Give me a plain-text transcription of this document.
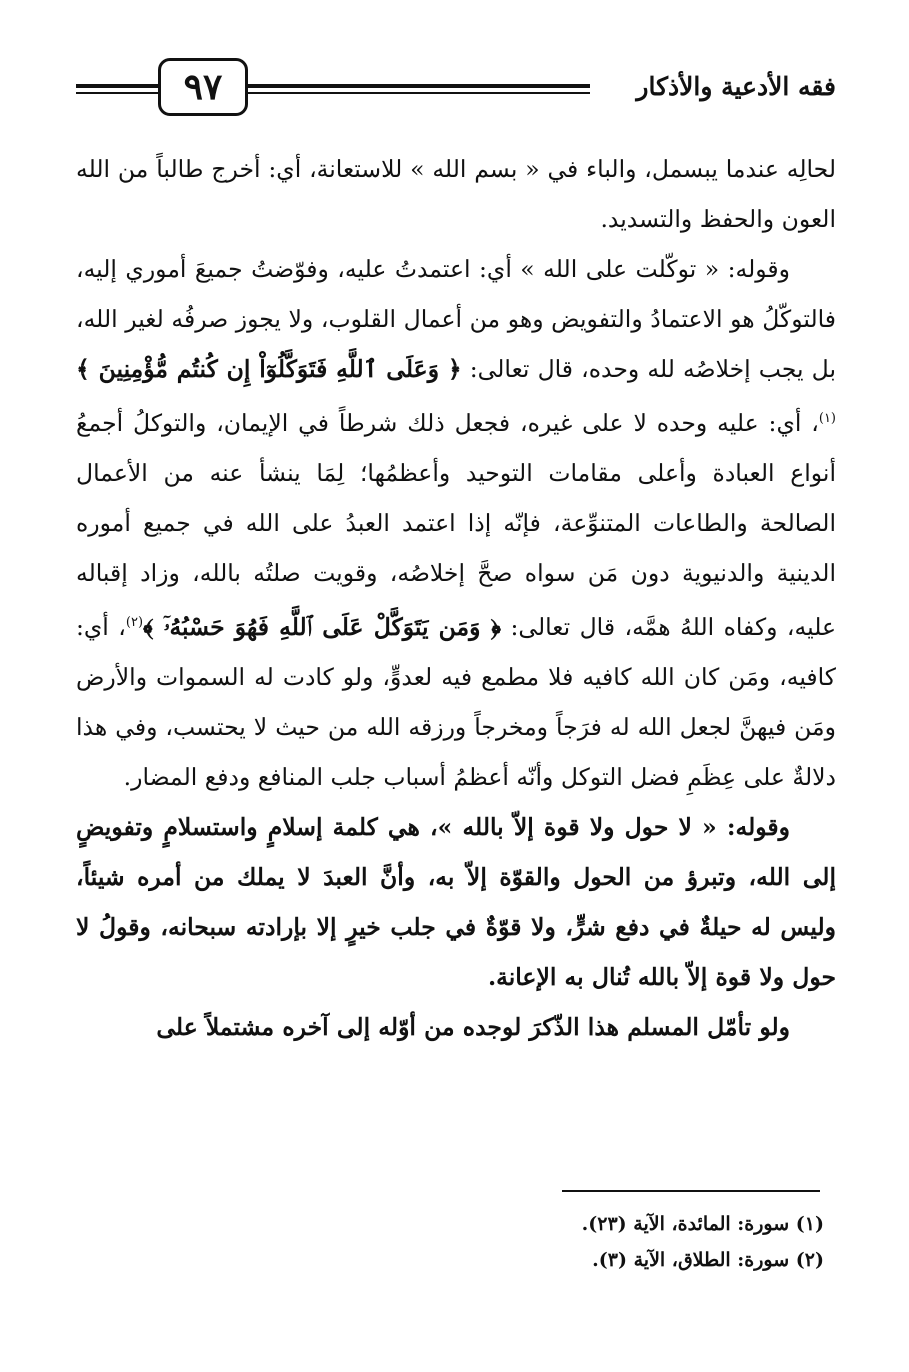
٩٧	فقه الأدعية والأذكار

لحالِه عندما يبسمل، والباء في « بسم الله » للاستعانة، أي: أخرج طالباً من الله العون والحفظ والتسديد.

وقوله: « توكّلت على الله » أي: اعتمدتُ عليه، وفوّضتُ جميعَ أموري إليه، فالتوكّلُ هو الاعتمادُ والتفويض وهو من أعمال القلوب، ولا يجوز صرفُه لغير الله، بل يجب إخلاصُه لله وحده، قال تعالى: ﴿ وَعَلَى ٱللَّهِ فَتَوَكَّلُوٓاْ إِن كُنتُم مُّؤْمِنِينَ ﴾$^{(١)}$، أي: عليه وحده لا على غيره، فجعل ذلك شرطاً في الإيمان، والتوكلُ أجمعُ أنواع العبادة وأعلى مقامات التوحيد وأعظمُها؛ لِمَا ينشأ عنه من الأعمال الصالحة والطاعات المتنوِّعة، فإنّه إذا اعتمد العبدُ على الله في جميع أموره الدينية والدنيوية دون مَن سواه صحَّ إخلاصُه، وقويت صلتُه بالله، وزاد إقباله عليه، وكفاه اللهُ همَّه، قال تعالى: ﴿ وَمَن يَتَوَكَّلْ عَلَى ٱللَّهِ فَهُوَ حَسْبُهُۥٓ ﴾$^{(٢)}$، أي: كافيه، ومَن كان الله كافيه فلا مطمع فيه لعدوٍّ، ولو كادت له السموات والأرض ومَن فيهنَّ لجعل الله له فرَجاً ومخرجاً ورزقه الله من حيث لا يحتسب، وفي هذا دلالةٌ على عِظَمِ فضل التوكل وأنّه أعظمُ أسباب جلب المنافع ودفع المضار.

وقوله: « لا حول ولا قوة إلاّ بالله »، هي كلمة إسلامٍ واستسلامٍ وتفويضٍ إلى الله، وتبرؤ من الحول والقوّة إلاّ به، وأنَّ العبدَ لا يملك من أمره شيئاً، وليس له حيلةٌ في دفع شرٍّ، ولا قوّةٌ في جلب خيرٍ إلا بإرادته سبحانه، وقولُ لا حول ولا قوة إلاّ بالله تُنال به الإعانة.

ولو تأمّل المسلم هذا الذّكرَ لوجده من أوّله إلى آخره مشتملاً على

(١) سورة: المائدة، الآية (٢٣).
(٢) سورة: الطلاق، الآية (٣).
